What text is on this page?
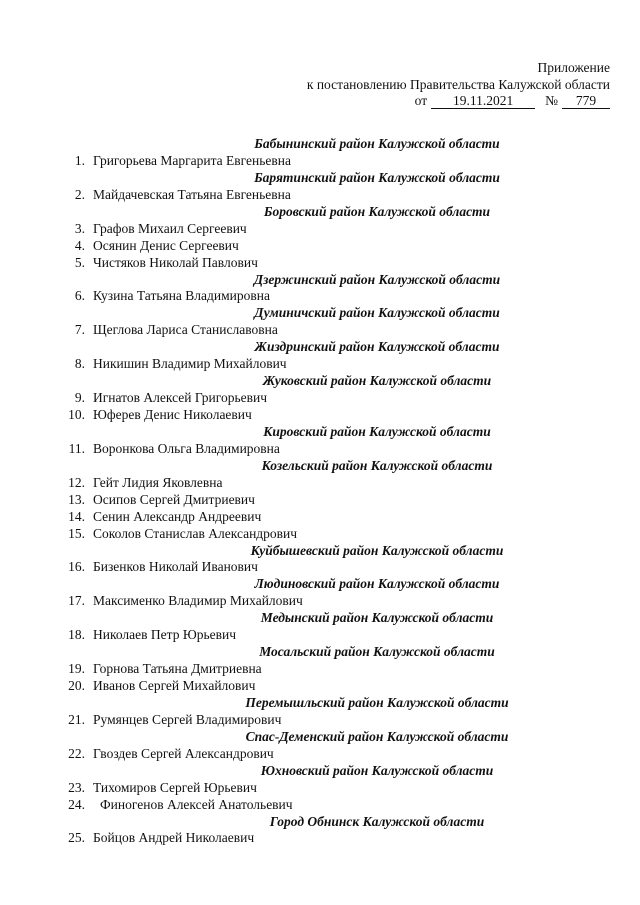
Приложение
к постановлению Правительства Калужской области
от	19.11.2021	№	779
Бабынинский район Калужской области
1. Григорьева Маргарита Евгеньевна
Барятинский район Калужской области
2. Майдачевская Татьяна Евгеньевна
Боровский район Калужской области
3. Графов Михаил Сергеевич
4. Осянин Денис Сергеевич
5. Чистяков Николай Павлович
Дзержинский район Калужской области
6. Кузина Татьяна Владимировна
Думиничский район Калужской области
7. Щеглова Лариса Станиславовна
Жиздринский район Калужской области
8. Никишин Владимир Михайлович
Жуковский район Калужской области
9. Игнатов Алексей Григорьевич
10. Юферев Денис Николаевич
Кировский район Калужской области
11. Воронкова Ольга Владимировна
Козельский район Калужской области
12. Гейт Лидия Яковлевна
13. Осипов Сергей Дмитриевич
14. Сенин Александр Андреевич
15. Соколов Станислав Александрович
Куйбышевский район Калужской области
16. Бизенков Николай Иванович
Людиновский район Калужской области
17. Максименко Владимир Михайлович
Медынский район Калужской области
18. Николаев Петр Юрьевич
Мосальский район Калужской области
19. Горнова Татьяна Дмитриевна
20. Иванов Сергей Михайлович
Перемышльский район Калужской области
21. Румянцев Сергей Владимирович
Спас-Деменский район Калужской области
22. Гвоздев Сергей Александрович
Юхновский район Калужской области
23. Тихомиров Сергей Юрьевич
24.	Финогенов Алексей Анатольевич
Город Обнинск Калужской области
25. Бойцов Андрей Николаевич
